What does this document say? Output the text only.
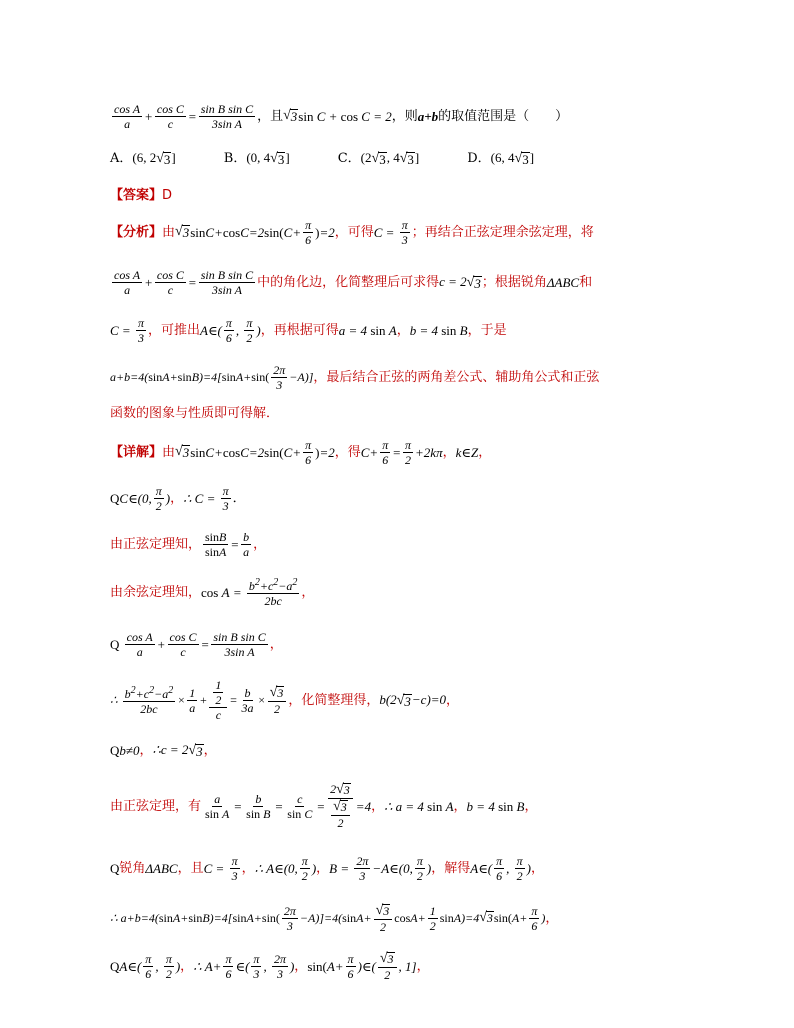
$\frac{\text{cos A}}{a} + \frac{\text{cos C}}{c} = \frac{\text{sin B sin C}}{\text{3sin A}}$ ，且 √ 3 sin
C + cos
C = 2 ，则 a+b 的取值范围是（　　）
A． (6, 2 √ 3 ]	B． (0, 4 √ 3 ]	C． (2 √ 3 , 4 √ 3 ]	D． (6, 4 √ 3 ]
【答案】 D
【分析】 由 √ 3 sin C + cos C =2 sin( $C + \frac{\pi}{6}$ ) =2 ，可得 $C = \frac{\pi}{3}$ ；再结合正弦定理余弦定理，将
$\frac{\text{cos A}}{a} + \frac{\text{cos C}}{c} = \frac{\text{sin B sin C}}{\text{3sin A}}$ 中的角化边，化简整理后可求得 c = 2 √ 3 ；根据锐角 ΔABC 和
$C = \frac{\pi}{3}$ ，可推出 A ∈( $\frac{\pi}{6}$ , $\frac{\pi}{2}$ ) ，再根据可得 a = 4 sin A ， b = 4 sin B ，于是
a + b =4( sin A + sin B )=4[ $\sin A + \sin( \frac{2\pi}{3} - A$ )] ，最后结合正弦的两角差公式、辅助角公式和正弦
函数的图象与性质即可得解．
【详解】 由 √ 3 sin C + cos C =2 sin( $C + \frac{\pi}{6}$ ) =2 ，得 $C + \frac{\pi}{6} = \frac{\pi}{2} +2$ k π ， k∈Z ，
Q C ∈(0, $\frac{\pi}{2}$ ) ， ∴ $C = \frac{\pi}{3}$ ．
由正弦定理知， $\frac{\sin B}{\sin A} = \frac{b}{a}$ ，
由余弦定理知， cos
$A = \frac{b^2+c^2-a^2}{2bc}$ ，
Q
$\frac{\text{cos A}}{a} + \frac{\text{cos C}}{c} = \frac{\text{sin B sin C}}{\text{3sin A}}$ ，
∴ $\frac{b^2+c^2-a^2}{2bc} \times \frac{1}{a} + \frac{\frac{1}{2}}{c} = \frac{b}{3a} \times \frac{√ 3}{2}$ ， 化简整理得， b(2 √ 3 −c)=0 ，
Qb≠0 ， ∴c = 2 √ 3 ，
由正弦定理，有 $\frac{a}{\text{sin A}} = \frac{b}{\text{sin B}} = \frac{c}{\text{sin C}} = \frac{2 √ 3}{\frac{√ 3}{2}} =4$ ， ∴ a = 4 sin A ， b = 4 sin B ，
Q 锐角 ΔABC ，且 $C = \frac{\pi}{3}$ ， ∴ A ∈(0, $\frac{\pi}{2}$ ) ， $B = \frac{2\pi}{3} - A$ ∈(0, $\frac{\pi}{2}$ ) ，解得 A ∈( $\frac{\pi}{6}$ , $\frac{\pi}{2}$ ) ，
∴ a + b =4( sin A + sin B )=4[ $\sin A + \sin( \frac{2\pi}{3} - A$ )]=4( $\sin A + \frac{√ 3}{2}$ $\cos A + \frac{1}{2}$ sin A )=4 √ 3 sin( $A + \frac{\pi}{6}$ ) ，
Q A ∈( $\frac{\pi}{6}$ , $\frac{\pi}{2}$ ) ， ∴ $A + \frac{\pi}{6}$ ∈( $\frac{\pi}{3}$ , $\frac{2\pi}{3}$ ) ， sin( $A + \frac{\pi}{6}$ )∈( $\frac{√ 3}{2}$ , 1] ，
